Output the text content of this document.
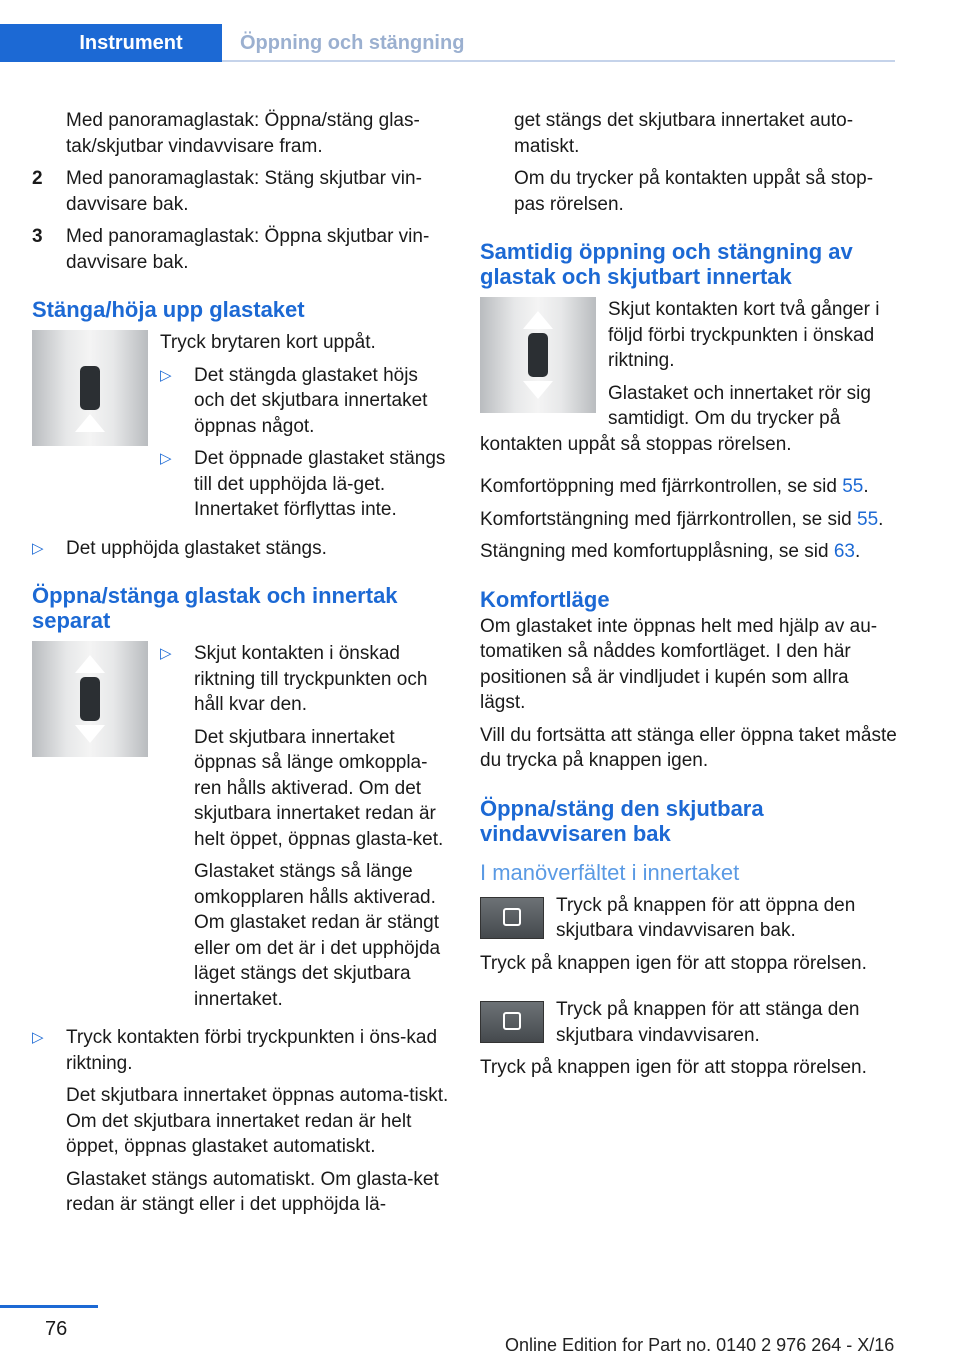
Instrument	Öppning och stängning

Med panoramaglastak: Öppna/stäng glas-tak/skjutbar vindavvisare fram.

2 Med panoramaglastak: Stäng skjutbar vin-davvisare bak.
3 Med panoramaglastak: Öppna skjutbar vin-davvisare bak.
Stänga/höja upp glastaket

Tryck brytaren kort uppåt.

▷ Det stängda glastaket höjs och det skjutbara innertaket öppnas något.
▷ Det öppnade glastaket stängs till det upphöjda lä-get. Innertaket förflyttas inte.
▷ Det upphöjda glastaket stängs.
Öppna/stänga glastak och innertak separat
▷ Skjut kontakten i önskad riktning till tryckpunkten och håll kvar den.

Det skjutbara innertaket öppnas så länge omkoppla-ren hålls aktiverad. Om det skjutbara innertaket redan är helt öppet, öppnas glasta-ket.

Glastaket stängs så länge omkopplaren hålls aktiverad. Om glastaket redan är stängt eller om det är i det upphöjda läget stängs det skjutbara innertaket.

▷ Tryck kontakten förbi tryckpunkten i öns-kad riktning.

Det skjutbara innertaket öppnas automa-tiskt. Om det skjutbara innertaket redan är helt öppet, öppnas glastaket automatiskt.

Glastaket stängs automatiskt. Om glasta-ket redan är stängt eller i det upphöjda lä-

get stängs det skjutbara innertaket auto-matiskt.

Om du trycker på kontakten uppåt så stop-pas rörelsen.

Samtidig öppning och stängning av glastak och skjutbart innertak

Skjut kontakten kort två gånger i följd förbi tryckpunkten i önskad riktning.

Glastaket och innertaket rör sig samtidigt. Om du trycker på kontakten uppåt så stoppas rörelsen.

Komfortöppning med fjärrkontrollen, se sid 55.

Komfortstängning med fjärrkontrollen, se sid 55.

Stängning med komfortupplåsning, se sid 63.

Komfortläge

Om glastaket inte öppnas helt med hjälp av au-tomatiken så nåddes komfortläget. I den här positionen så är vindljudet i kupén som allra lägst.

Vill du fortsätta att stänga eller öppna taket måste du trycka på knappen igen.

Öppna/stäng den skjutbara vindavvisaren bak
I manöverfältet i innertaket

Tryck på knappen för att öppna den skjutbara vindavvisaren bak.

Tryck på knappen igen för att stoppa rörelsen.

Tryck på knappen för att stänga den skjutbara vindavvisaren.

Tryck på knappen igen för att stoppa rörelsen.

76
Online Edition for Part no. 0140 2 976 264 - X/16
